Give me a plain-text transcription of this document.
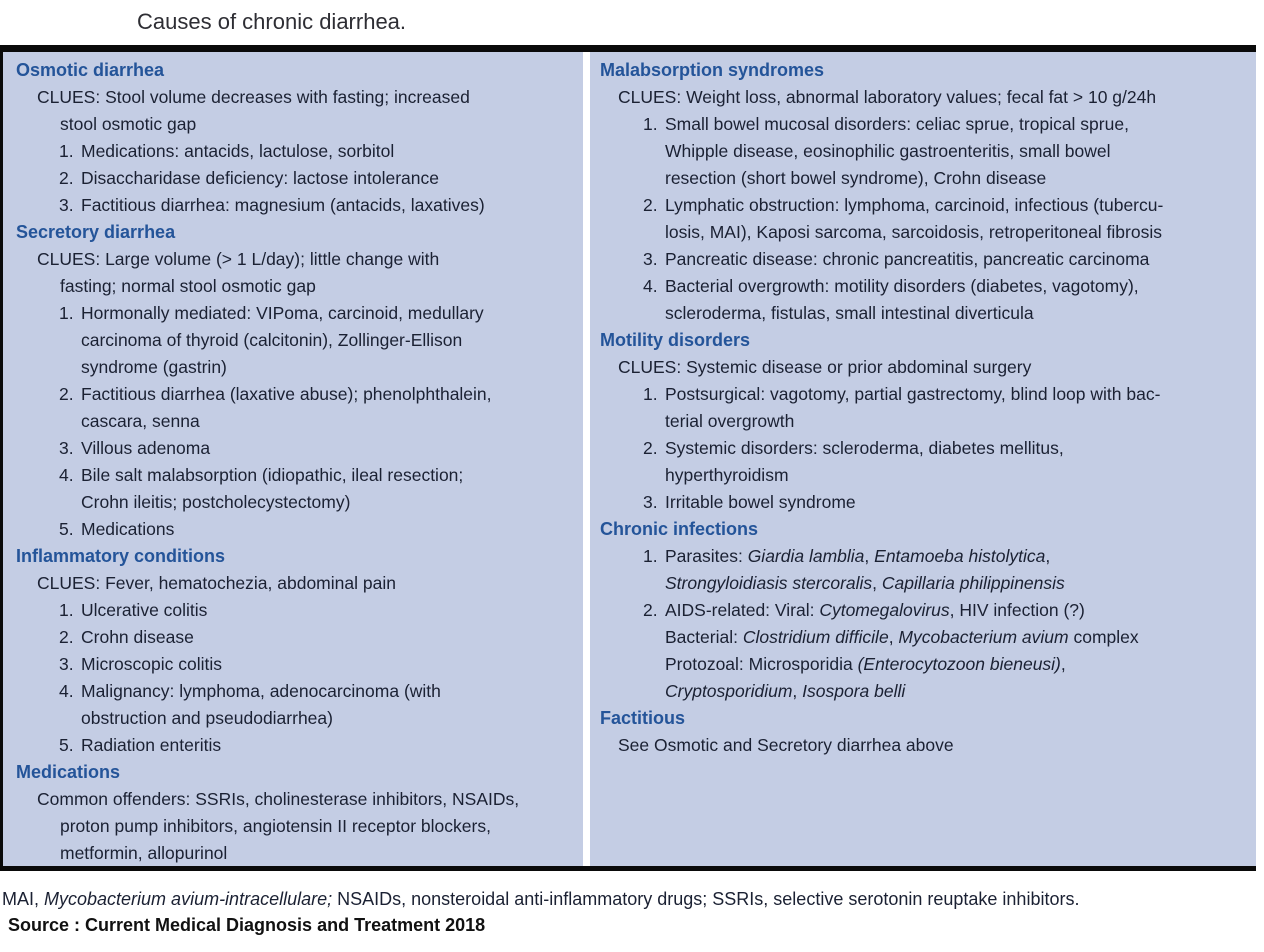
Causes of chronic diarrhea.
Osmotic diarrhea
CLUES: Stool volume decreases with fasting; increased
stool osmotic gap
1. Medications: antacids, lactulose, sorbitol
2. Disaccharidase deficiency: lactose intolerance
3. Factitious diarrhea: magnesium (antacids, laxatives)
Secretory diarrhea
CLUES: Large volume (> 1 L/day); little change with
fasting; normal stool osmotic gap
1. Hormonally mediated: VIPoma, carcinoid, medullary
carcinoma of thyroid (calcitonin), Zollinger-Ellison
syndrome (gastrin)
2. Factitious diarrhea (laxative abuse); phenolphthalein,
cascara, senna
3. Villous adenoma
4. Bile salt malabsorption (idiopathic, ileal resection;
Crohn ileitis; postcholecystectomy)
5. Medications
Inflammatory conditions
CLUES: Fever, hematochezia, abdominal pain
1. Ulcerative colitis
2. Crohn disease
3. Microscopic colitis
4. Malignancy: lymphoma, adenocarcinoma (with
obstruction and pseudodiarrhea)
5. Radiation enteritis
Medications
Common offenders: SSRIs, cholinesterase inhibitors, NSAIDs,
proton pump inhibitors, angiotensin II receptor blockers,
metformin, allopurinol
Malabsorption syndromes
CLUES: Weight loss, abnormal laboratory values; fecal fat > 10 g/24h
1. Small bowel mucosal disorders: celiac sprue, tropical sprue,
Whipple disease, eosinophilic gastroenteritis, small bowel
resection (short bowel syndrome), Crohn disease
2. Lymphatic obstruction: lymphoma, carcinoid, infectious (tubercu-
losis, MAI), Kaposi sarcoma, sarcoidosis, retroperitoneal fibrosis
3. Pancreatic disease: chronic pancreatitis, pancreatic carcinoma
4. Bacterial overgrowth: motility disorders (diabetes, vagotomy),
scleroderma, fistulas, small intestinal diverticula
Motility disorders
CLUES: Systemic disease or prior abdominal surgery
1. Postsurgical: vagotomy, partial gastrectomy, blind loop with bac-
terial overgrowth
2. Systemic disorders: scleroderma, diabetes mellitus,
hyperthyroidism
3. Irritable bowel syndrome
Chronic infections
1. Parasites: Giardia lamblia, Entamoeba histolytica,
Strongyloidiasis stercoralis, Capillaria philippinensis
2. AIDS-related: Viral: Cytomegalovirus, HIV infection (?)
Bacterial: Clostridium difficile, Mycobacterium avium complex
Protozoal: Microsporidia (Enterocytozoon bieneusi),
Cryptosporidium, Isospora belli
Factitious
See Osmotic and Secretory diarrhea above
MAI, Mycobacterium avium-intracellulare; NSAIDs, nonsteroidal anti-inflammatory drugs; SSRIs, selective serotonin reuptake inhibitors.
Source : Current Medical Diagnosis and Treatment 2018
